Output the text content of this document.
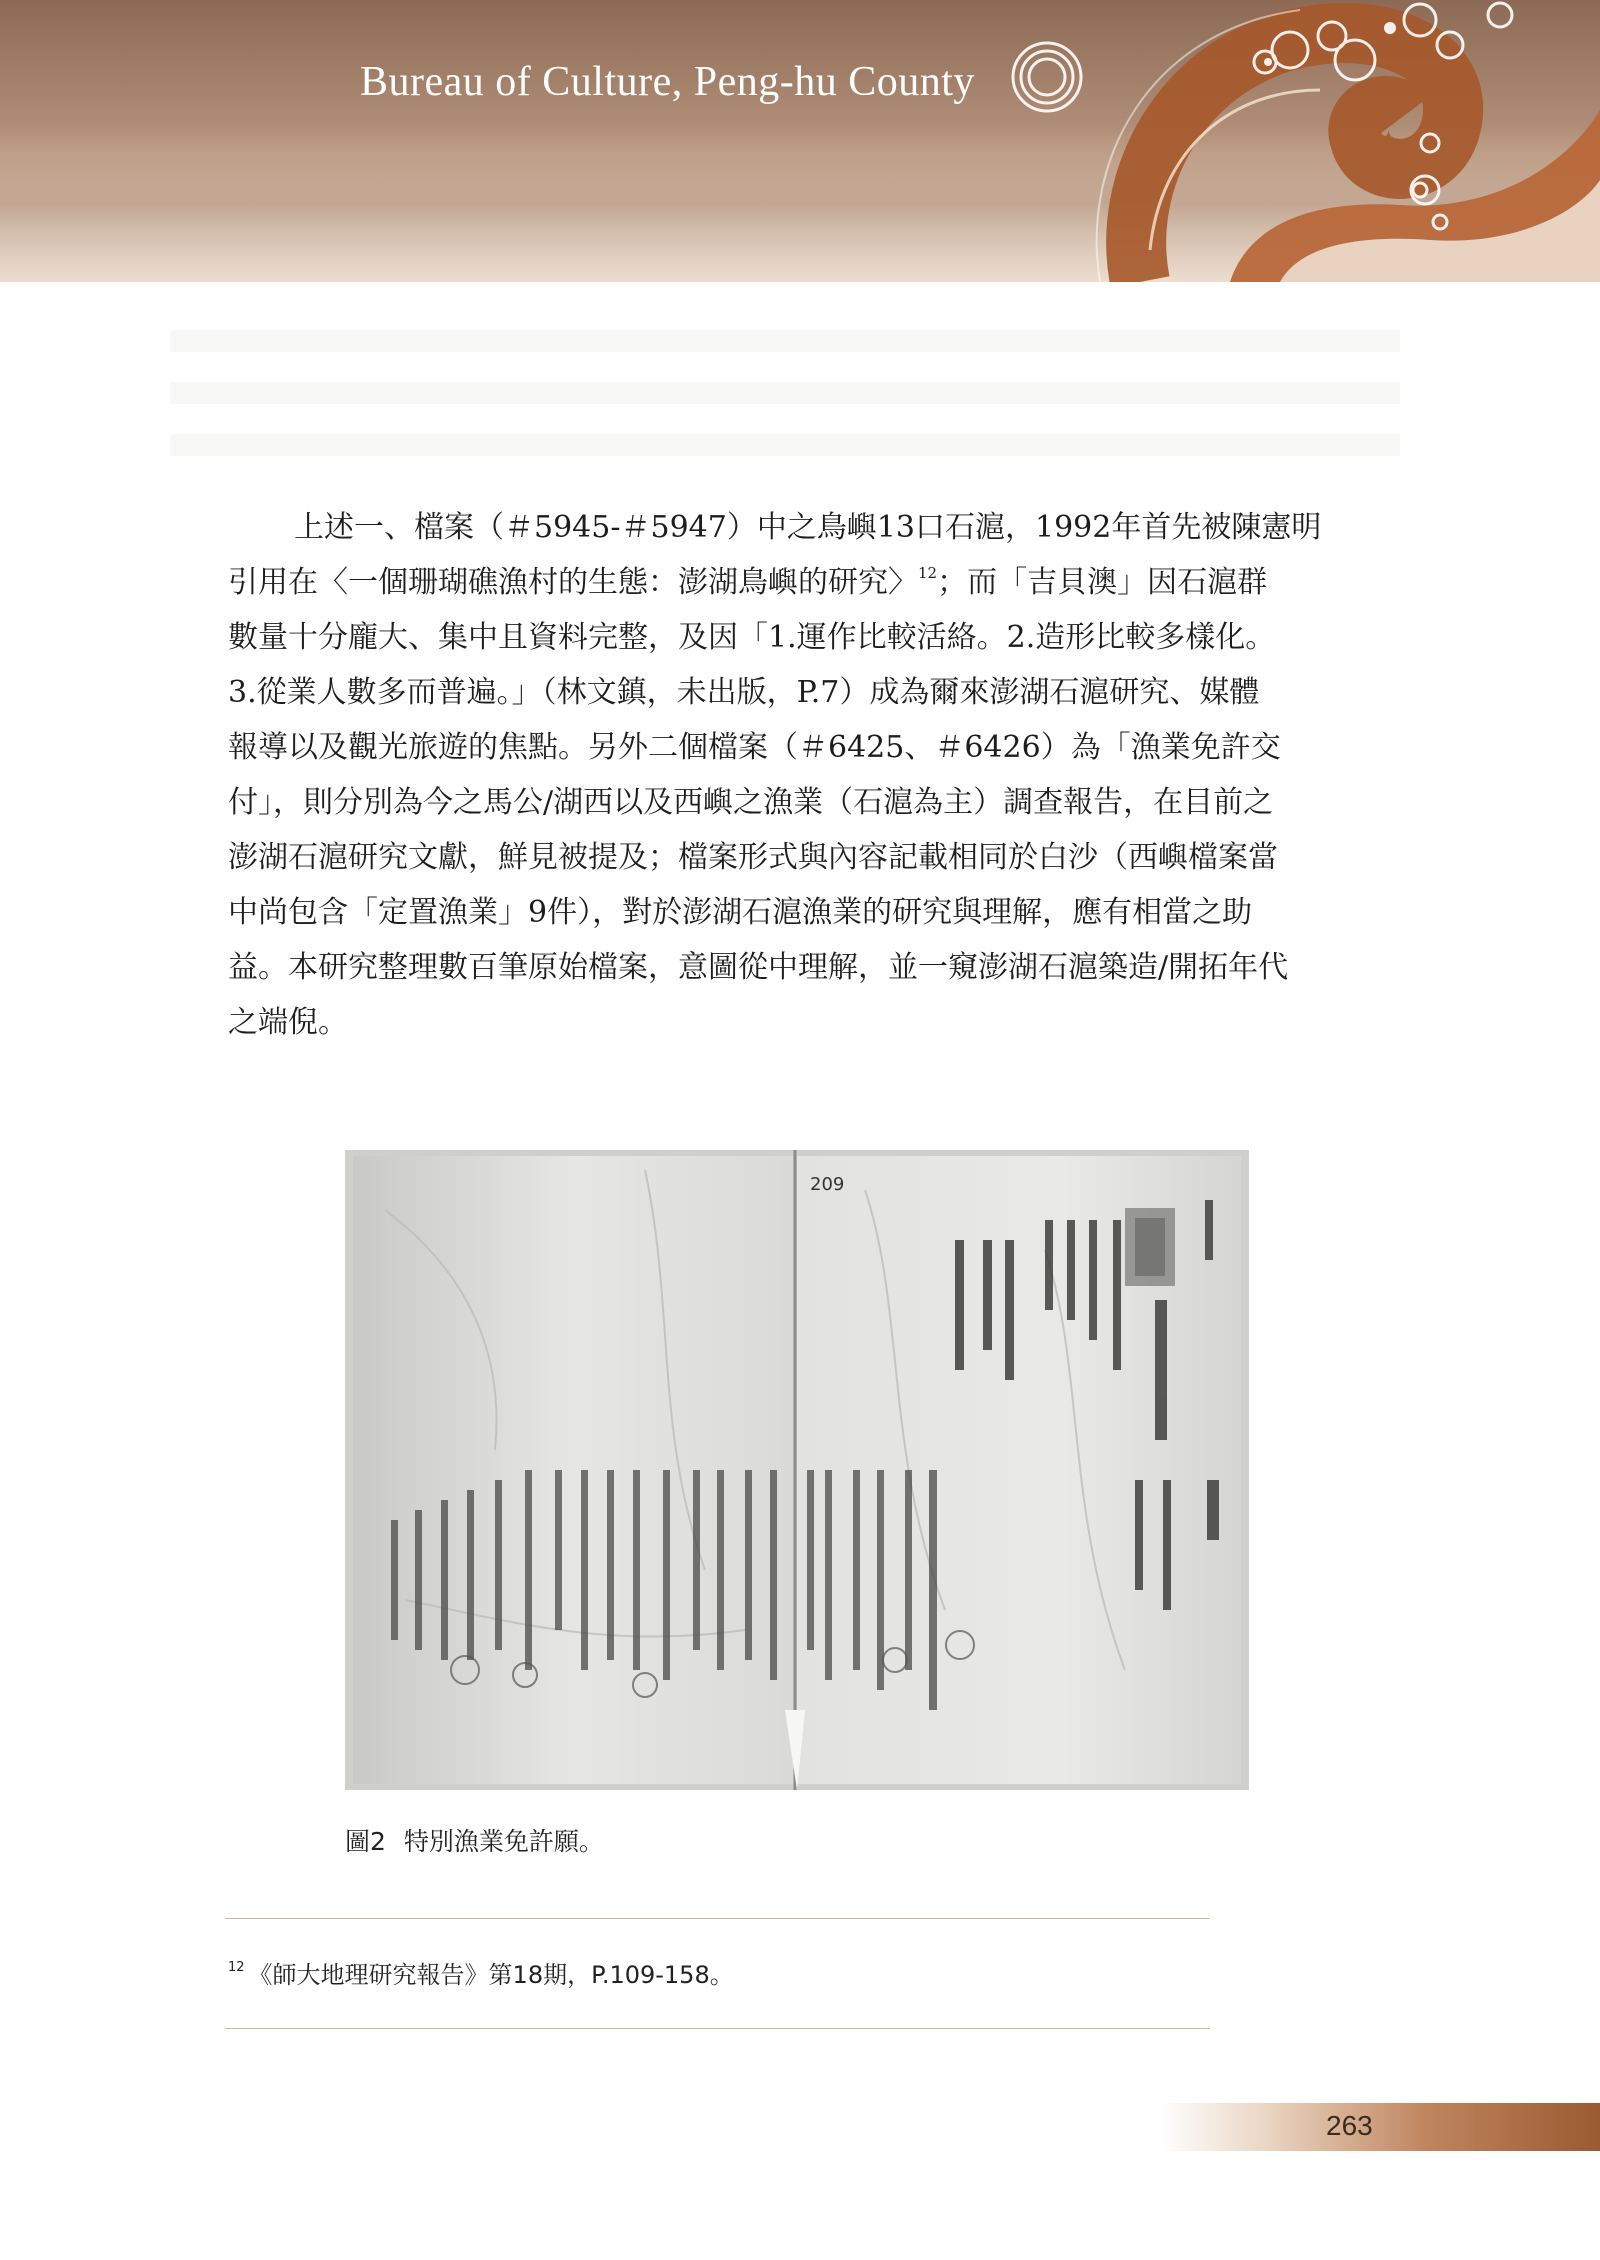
Bureau of Culture, Peng-hu County
上述一、檔案（＃5945-＃5947）中之鳥嶼13口石滬，1992年首先被陳憲明
引用在〈一個珊瑚礁漁村的生態：澎湖鳥嶼的研究〉$^{12}$；而「吉貝澳」因石滬群
數量十分龐大、集中且資料完整，及因「1.運作比較活絡。2.造形比較多樣化。
3.從業人數多而普遍。」（林文鎮，未出版，P.7）成為爾來澎湖石滬研究、媒體
報導以及觀光旅遊的焦點。另外二個檔案（＃6425、＃6426）為「漁業免許交
付」，則分別為今之馬公/湖西以及西嶼之漁業（石滬為主）調查報告，在目前之
澎湖石滬研究文獻，鮮見被提及；檔案形式與內容記載相同於白沙（西嶼檔案當
中尚包含「定置漁業」9件），對於澎湖石滬漁業的研究與理解，應有相當之助
益。本研究整理數百筆原始檔案，意圖從中理解，並一窺澎湖石滬築造/開拓年代
之端倪。
209
圖2 特別漁業免許願。
$^{12}$ 《師大地理研究報告》第18期，P.109-158。
263
